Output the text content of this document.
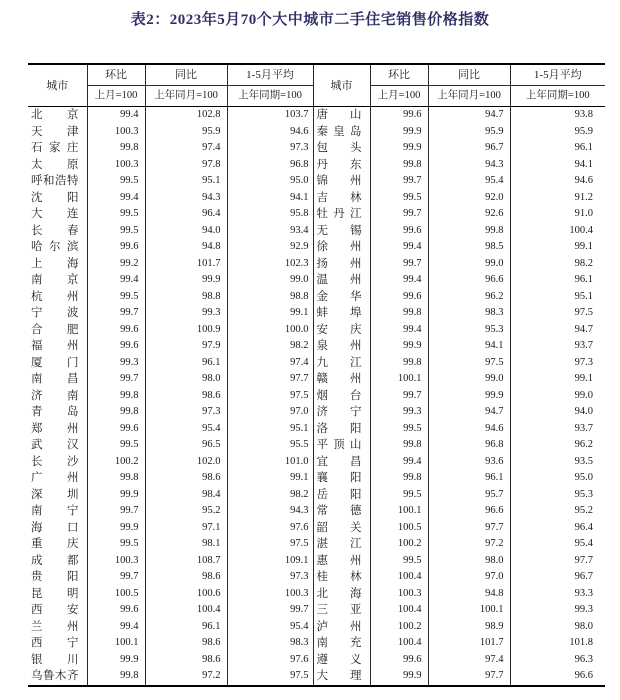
表2：2023年5月70个大中城市二手住宅销售价格指数
城市	环比	同比	1-5月平均	城市	环比	同比	1-5月平均
	上月=100	上年同月=100	上年同期=100		上月=100	上年同月=100	上年同期=100

北京	99.4	102.8	103.7	唐山	99.6	94.7	93.8

天津	100.3	95.9	94.6	秦皇岛	99.9	95.9	95.9

石家庄	99.8	97.4	97.3	包头	99.9	96.7	96.1

太原	100.3	97.8	96.8	丹东	99.8	94.3	94.1

呼和浩特	99.5	95.1	95.0	锦州	99.7	95.4	94.6

沈阳	99.4	94.3	94.1	吉林	99.5	92.0	91.2

大连	99.5	96.4	95.8	牡丹江	99.7	92.6	91.0

长春	99.5	94.0	93.4	无锡	99.6	99.8	100.4

哈尔滨	99.6	94.8	92.9	徐州	99.4	98.5	99.1

上海	99.2	101.7	102.3	扬州	99.7	99.0	98.2

南京	99.4	99.9	99.0	温州	99.4	96.6	96.1

杭州	99.5	98.8	98.8	金华	99.6	96.2	95.1

宁波	99.7	99.3	99.1	蚌埠	99.8	98.3	97.5

合肥	99.6	100.9	100.0	安庆	99.4	95.3	94.7

福州	99.6	97.9	98.2	泉州	99.9	94.1	93.7

厦门	99.3	96.1	97.4	九江	99.8	97.5	97.3

南昌	99.7	98.0	97.7	赣州	100.1	99.0	99.1

济南	99.8	98.6	97.5	烟台	99.7	99.9	99.0

青岛	99.8	97.3	97.0	济宁	99.3	94.7	94.0

郑州	99.6	95.4	95.1	洛阳	99.5	94.6	93.7

武汉	99.5	96.5	95.5	平顶山	99.8	96.8	96.2

长沙	100.2	102.0	101.0	宜昌	99.4	93.6	93.5

广州	99.8	98.6	99.1	襄阳	99.8	96.1	95.0

深圳	99.9	98.4	98.2	岳阳	99.5	95.7	95.3

南宁	99.7	95.2	94.3	常德	100.1	96.6	95.2

海口	99.9	97.1	97.6	韶关	100.5	97.7	96.4

重庆	99.5	98.1	97.5	湛江	100.2	97.2	95.4

成都	100.3	108.7	109.1	惠州	99.5	98.0	97.7

贵阳	99.7	98.6	97.3	桂林	100.4	97.0	96.7

昆明	100.5	100.6	100.3	北海	100.3	94.8	93.3

西安	99.6	100.4	99.7	三亚	100.4	100.1	99.3

兰州	99.4	96.1	95.4	泸州	100.2	98.9	98.0

西宁	100.1	98.6	98.3	南充	100.4	101.7	101.8

银川	99.9	98.6	97.6	遵义	99.6	97.4	96.3

乌鲁木齐	99.8	97.2	97.5	大理	99.9	97.7	96.6
